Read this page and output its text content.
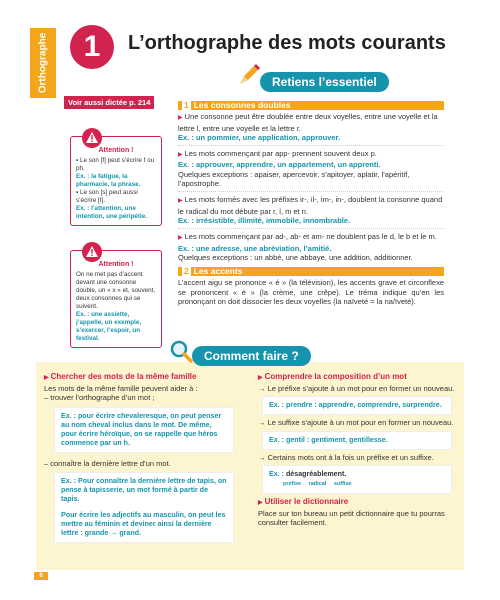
Orthographe	1	L’orthographe des mots courants
Retiens l’essentiel
Voir aussi dictée p. 214
Attention !
▪ Le son [f] peut s’écrire f ou ph.
Ex. : la fatigue, la pharmacie, la phrase.
▪ Le son [s] peut aussi s’écrire [t].
Ex. : l’attention, une intention, une péripétie.
Attention !
On ne met pas d’accent devant une consonne double, un « x » et, souvent, deux consonnes qui se suivent.
Ex. : une assiette, j’appelle, un exemple, s’exercer, l’espoir, un festival.
1 Les consonnes doubles
▶ Une consonne peut être doublée entre deux voyelles, entre une voyelle et la lettre l, entre une voyelle et la lettre r.
Ex. : un pommier, une application, approuver.
▶ Les mots commençant par app- prennent souvent deux p.
Ex. : approuver, apprendre, un appartement, un apprenti.
Quelques exceptions : apaiser, apercevoir, s’apitoyer, aplatir, l’apéritif, l’apostrophe.
▶ Les mots formés avec les préfixes ir-, il-, im-, in-, doublent la consonne quand le radical du mot débute par r, l, m et n.
Ex. : irrésistible, illimité, immobile, innombrable.
▶ Les mots commençant par ad-, ab- et am- ne doublent pas le d, le b et le m.
Ex. : une adresse, une abréviation, l’amitié.
Quelques exceptions : un abbé, une abbaye, une addition, additionner.
2 Les accents
L’accent aigu se prononce « é » (la télévision), les accents grave et circonflexe se prononcent « è » (la crème, une crêpe). Le tréma indique qu’en les prononçant on doit dissocier les deux voyelles (la naïveté = la na/ïveté).
Comment faire ?
▶ Chercher des mots de la même famille
Les mots de la même famille peuvent aider à :
– trouver l’orthographe d’un mot ;
Ex. : pour écrire chevaleresque, on peut penser au nom cheval inclus dans le mot. De même, pour écrire héroïque, on se rappelle que héros commence par un h.
– connaître la dernière lettre d’un mot.
Ex. : Pour connaître la dernière lettre de tapis, on pense à tapisserie, un mot formé à partir de tapis.
Pour écrire les adjectifs au masculin, on peut les mettre au féminin et deviner ainsi la dernière lettre : grande → grand.
▶ Comprendre la composition d’un mot
→ Le préfixe s’ajoute à un mot pour en former un nouveau.
Ex. : prendre : apprendre, comprendre, surprendre.
→ Le suffixe s’ajoute à un mot pour en former un nouveau.
Ex. : gentil : gentiment, gentillesse.
→ Certains mots ont à la fois un préfixe et un suffixe.
Ex. : désagréablement.
préfixe radical suffixe
▶ Utiliser le dictionnaire
Place sur ton bureau un petit dictionnaire que tu pourras consulter facilement.
8
